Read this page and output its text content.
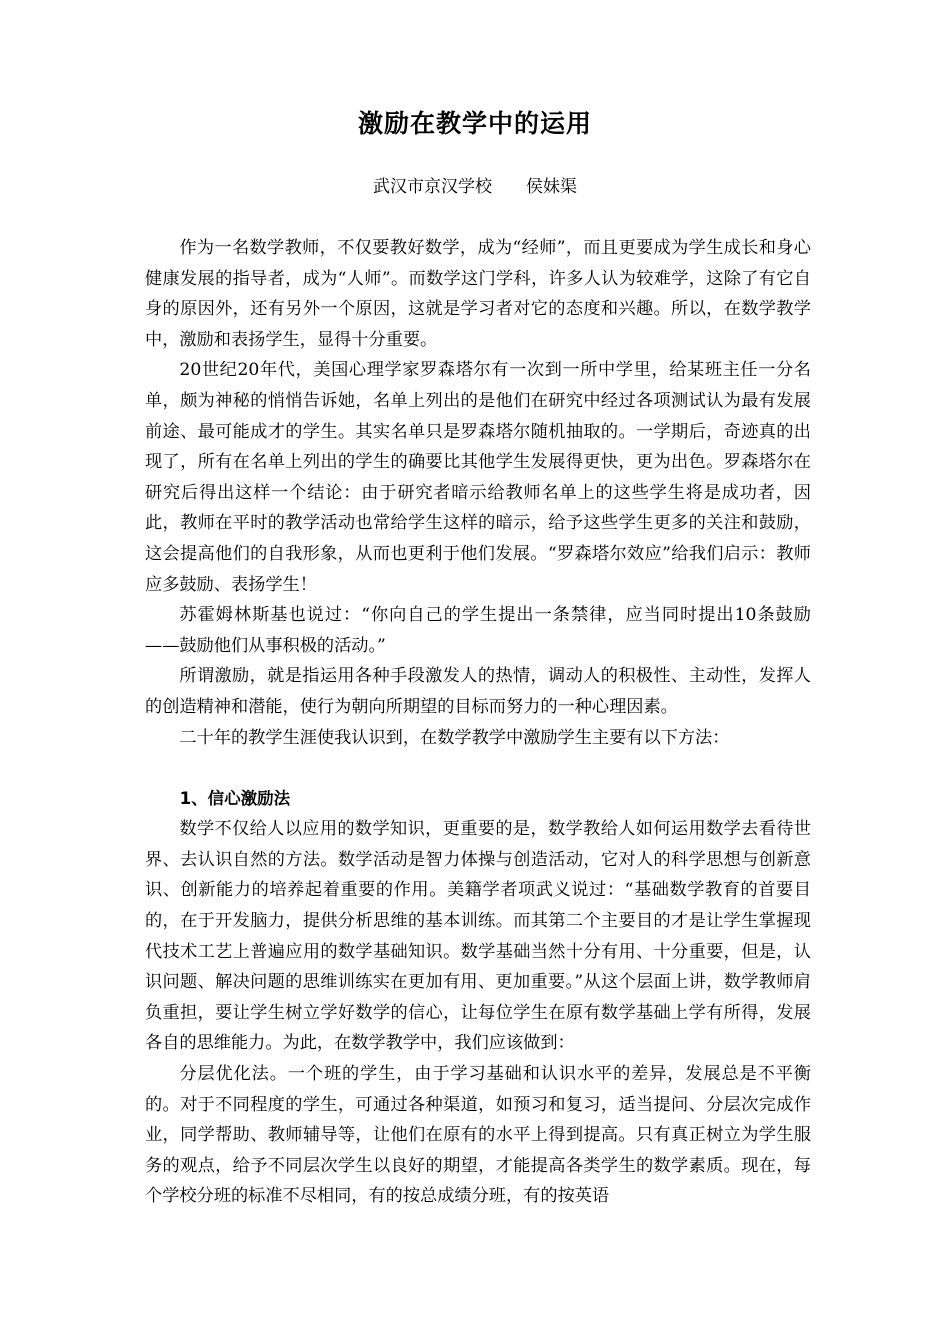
激励在教学中的运用
武汉市京汉学校 侯妹渠

作为一名数学教师，不仅要教好数学，成为“经师”，而且更要成为学生成长和身心健康发展的指导者，成为“人师”。而数学这门学科，许多人认为较难学，这除了有它自身的原因外，还有另外一个原因，这就是学习者对它的态度和兴趣。所以，在数学教学中，激励和表扬学生，显得十分重要。

20世纪20年代，美国心理学家罗森塔尔有一次到一所中学里，给某班主任一分名单，颇为神秘的悄悄告诉她，名单上列出的是他们在研究中经过各项测试认为最有发展前途、最可能成才的学生。其实名单只是罗森塔尔随机抽取的。一学期后，奇迹真的出现了，所有在名单上列出的学生的确要比其他学生发展得更快，更为出色。罗森塔尔在研究后得出这样一个结论：由于研究者暗示给教师名单上的这些学生将是成功者，因此，教师在平时的教学活动也常给学生这样的暗示，给予这些学生更多的关注和鼓励，这会提高他们的自我形象，从而也更利于他们发展。“罗森塔尔效应”给我们启示：教师应多鼓励、表扬学生！

苏霍姆林斯基也说过：“你向自己的学生提出一条禁律，应当同时提出10条鼓励——鼓励他们从事积极的活动。”

所谓激励，就是指运用各种手段激发人的热情，调动人的积极性、主动性，发挥人的创造精神和潜能，使行为朝向所期望的目标而努力的一种心理因素。

二十年的教学生涯使我认识到，在数学教学中激励学生主要有以下方法：

1、信心激励法

数学不仅给人以应用的数学知识，更重要的是，数学教给人如何运用数学去看待世界、去认识自然的方法。数学活动是智力体操与创造活动，它对人的科学思想与创新意识、创新能力的培养起着重要的作用。美籍学者项武义说过：“基础数学教育的首要目的，在于开发脑力，提供分析思维的基本训练。而其第二个主要目的才是让学生掌握现代技术工艺上普遍应用的数学基础知识。数学基础当然十分有用、十分重要，但是，认识问题、解决问题的思维训练实在更加有用、更加重要。”从这个层面上讲，数学教师肩负重担，要让学生树立学好数学的信心，让每位学生在原有数学基础上学有所得，发展各自的思维能力。为此，在数学教学中，我们应该做到：

分层优化法。一个班的学生，由于学习基础和认识水平的差异，发展总是不平衡的。对于不同程度的学生，可通过各种渠道，如预习和复习，适当提问、分层次完成作业，同学帮助、教师辅导等，让他们在原有的水平上得到提高。只有真正树立为学生服务的观点，给予不同层次学生以良好的期望，才能提高各类学生的数学素质。现在，每个学校分班的标准不尽相同，有的按总成绩分班，有的按英语
